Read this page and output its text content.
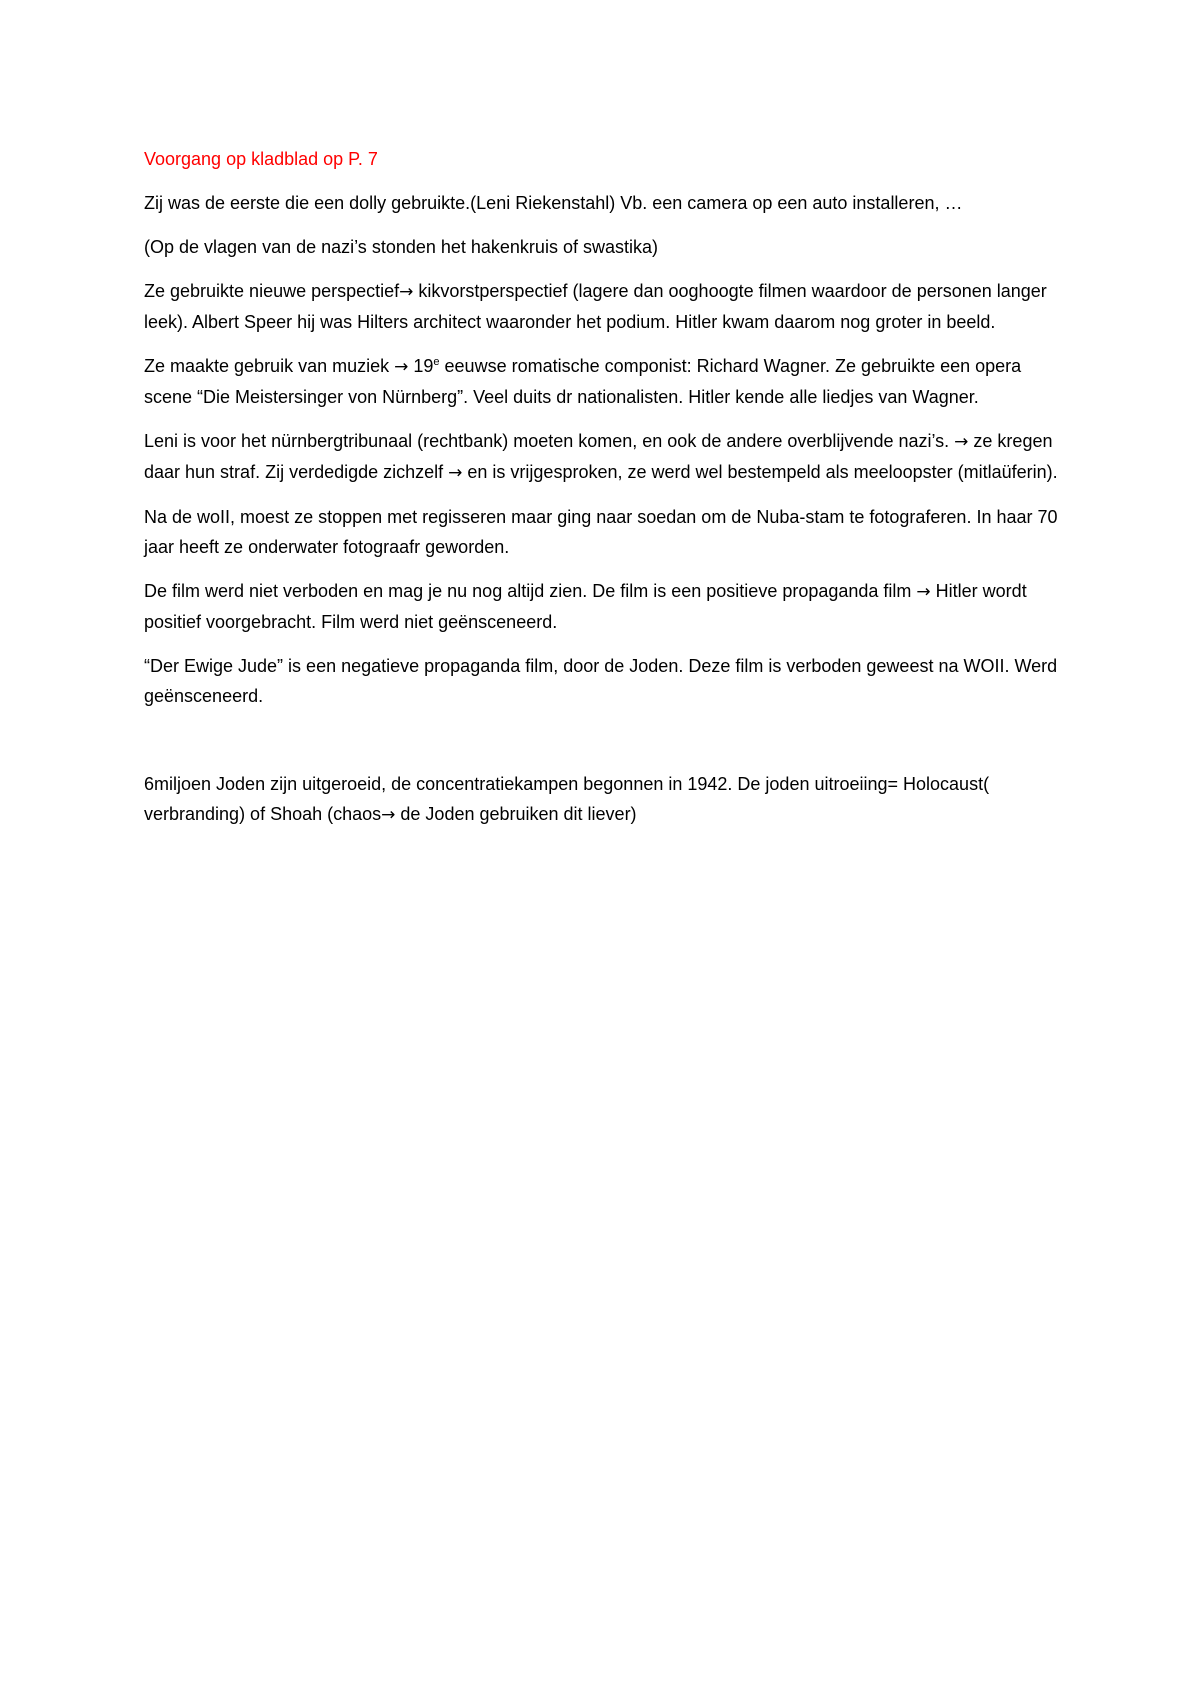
Voorgang op kladblad op P. 7

Zij was de eerste die een dolly gebruikte.(Leni Riekenstahl) Vb. een camera op een auto installeren, …

(Op de vlagen van de nazi’s stonden het hakenkruis of swastika)

Ze gebruikte nieuwe perspectief→ kikvorstperspectief (lagere dan ooghoogte filmen waardoor de personen langer leek). Albert Speer hij was Hilters architect waaronder het podium. Hitler kwam daarom nog groter in beeld.

Ze maakte gebruik van muziek → $19^e$ eeuwse romatische componist: Richard Wagner. Ze gebruikte een opera scene “Die Meistersinger von Nürnberg”. Veel duits dr nationalisten. Hitler kende alle liedjes van Wagner.

Leni is voor het nürnbergtribunaal (rechtbank) moeten komen, en ook de andere overblijvende nazi’s. → ze kregen daar hun straf. Zij verdedigde zichzelf → en is vrijgesproken, ze werd wel bestempeld als meeloopster (mitlaüferin).

Na de woII, moest ze stoppen met regisseren maar ging naar soedan om de Nuba-stam te fotograferen. In haar 70 jaar heeft ze onderwater fotograafr geworden.

De film werd niet verboden en mag je nu nog altijd zien. De film is een positieve propaganda film → Hitler wordt positief voorgebracht. Film werd niet geënsceneerd.

“Der Ewige Jude” is een negatieve propaganda film, door de Joden. Deze film is verboden geweest na WOII. Werd geënsceneerd.

6miljoen Joden zijn uitgeroeid, de concentratiekampen begonnen in 1942. De joden uitroeiing= Holocaust( verbranding) of Shoah (chaos→ de Joden gebruiken dit liever)
